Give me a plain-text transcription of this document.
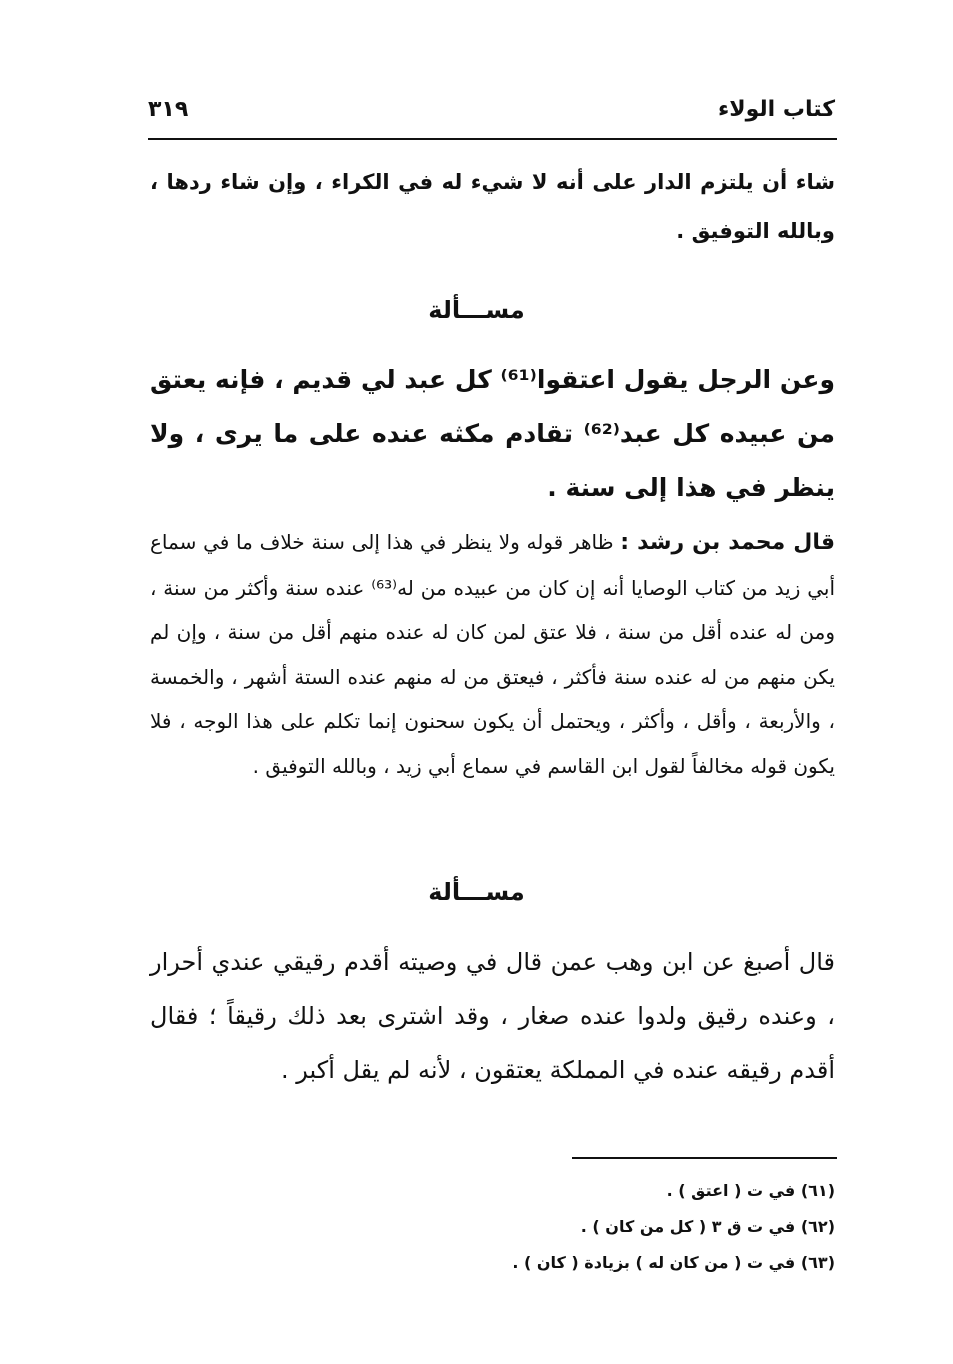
كتاب الولاء
٣١٩
شاء أن يلتزم الدار على أنه لا شيء له في الكراء ، وإن شاء ردها ، وبالله التوفيق .
مســـألة
وعن الرجل يقول اعتقوا⁽⁶¹⁾ كل عبد لي قديم ، فإنه يعتق من عبيده كل عبد⁽⁶²⁾ تقادم مكثه عنده على ما يرى ، ولا ينظر في هذا إلى سنة .
قال محمد بن رشد : ظاهر قوله ولا ينظر في هذا إلى سنة خلاف ما في سماع أبي زيد من كتاب الوصايا أنه إن كان من عبيده من له⁽⁶³⁾ عنده سنة وأكثر من سنة ، ومن له عنده أقل من سنة ، فلا عتق لمن كان له عنده منهم أقل من سنة ، وإن لم يكن منهم من له عنده سنة فأكثر ، فيعتق من له منهم عنده الستة أشهر ، والخمسة ، والأربعة ، وأقل ، وأكثر ، ويحتمل أن يكون سحنون إنما تكلم على هذا الوجه ، فلا يكون قوله مخالفاً لقول ابن القاسم في سماع أبي زيد ، وبالله التوفيق .
مســـألة
قال أصبغ عن ابن وهب عمن قال في وصيته أقدم رقيقي عندي أحرار ، وعنده رقيق ولدوا عنده صغار ، وقد اشترى بعد ذلك رقيقاً ؛ فقال أقدم رقيقه عنده في المملكة يعتقون ، لأنه لم يقل أكبر .
(٦١) في ت ( اعتق ) .
(٦٢) في ت ق ٣ ( كل من كان ) .
(٦٣) في ت ( من كان له ) بزيادة ( كان ) .
